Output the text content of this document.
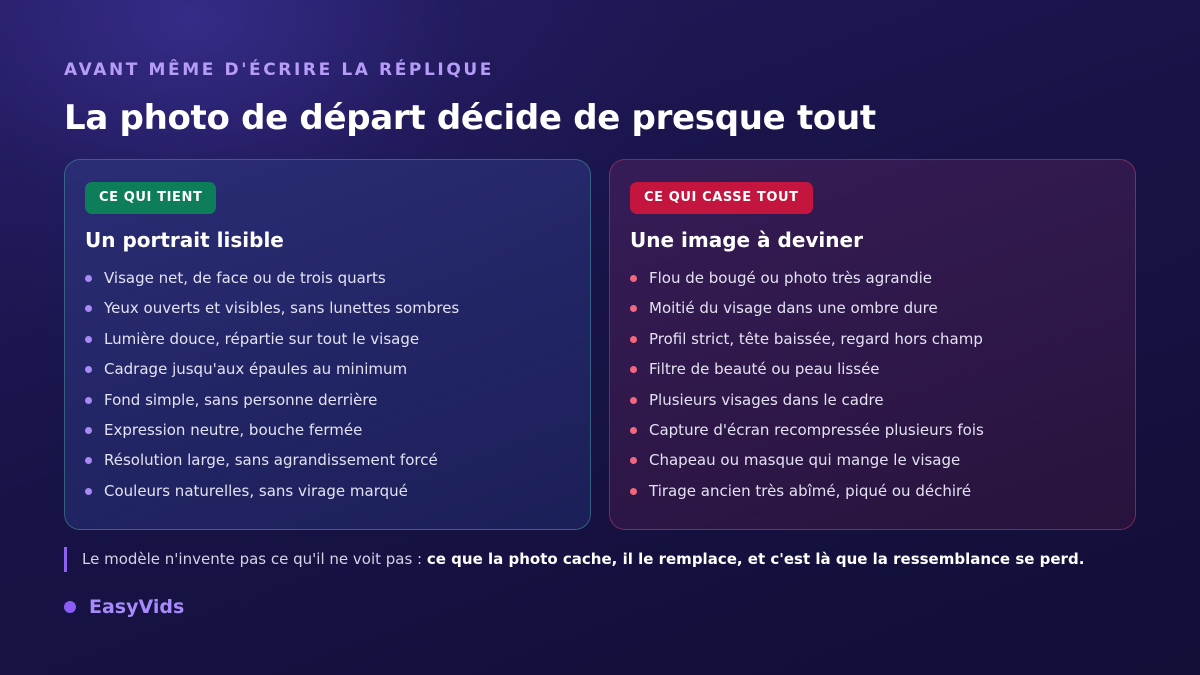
AVANT MÊME D'ÉCRIRE LA RÉPLIQUE
La photo de départ décide de presque tout
CE QUI TIENT
Un portrait lisible
Visage net, de face ou de trois quarts
Yeux ouverts et visibles, sans lunettes sombres
Lumière douce, répartie sur tout le visage
Cadrage jusqu'aux épaules au minimum
Fond simple, sans personne derrière
Expression neutre, bouche fermée
Résolution large, sans agrandissement forcé
Couleurs naturelles, sans virage marqué
CE QUI CASSE TOUT
Une image à deviner
Flou de bougé ou photo très agrandie
Moitié du visage dans une ombre dure
Profil strict, tête baissée, regard hors champ
Filtre de beauté ou peau lissée
Plusieurs visages dans le cadre
Capture d'écran recompressée plusieurs fois
Chapeau ou masque qui mange le visage
Tirage ancien très abîmé, piqué ou déchiré
Le modèle n'invente pas ce qu'il ne voit pas : ce que la photo cache, il le remplace, et c'est là que la ressemblance se perd.
EasyVids
